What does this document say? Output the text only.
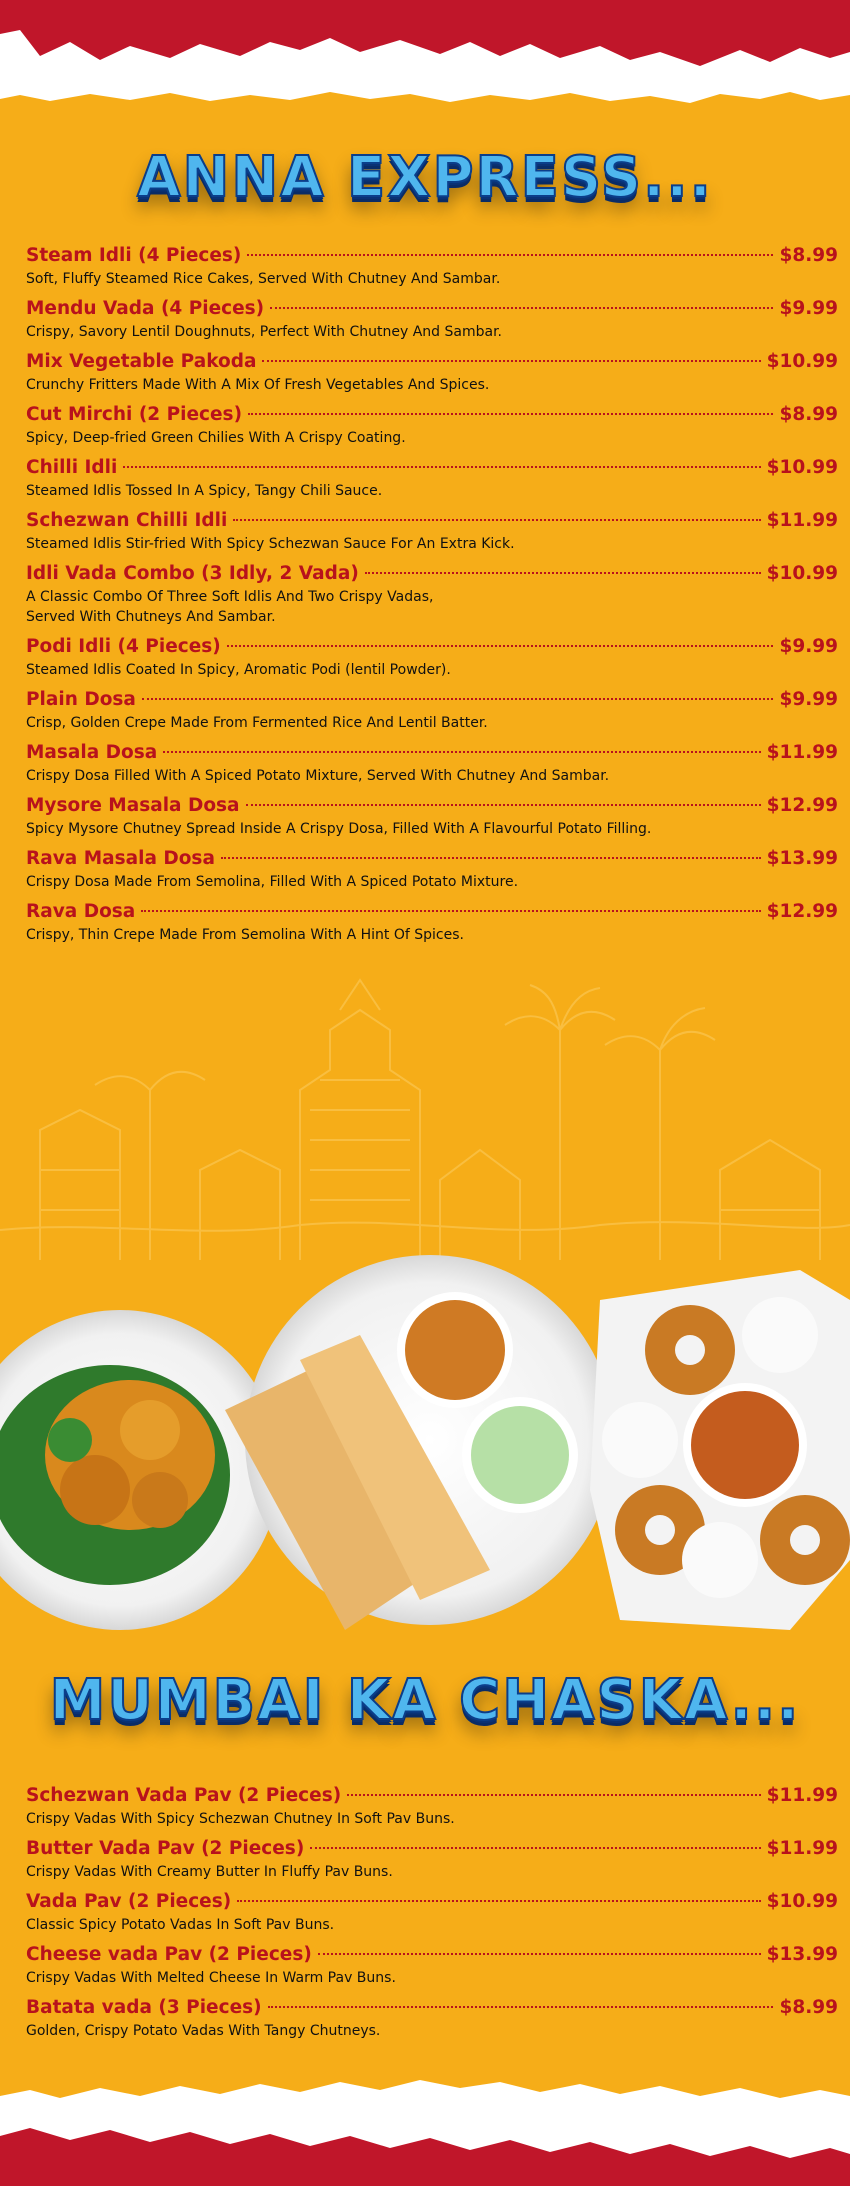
ANNA EXPRESS...
Steam Idli (4 Pieces)	$8.99
Soft, Fluffy Steamed Rice Cakes, Served With Chutney And Sambar.
Mendu Vada (4 Pieces)	$9.99
Crispy, Savory Lentil Doughnuts, Perfect With Chutney And Sambar.
Mix Vegetable Pakoda	$10.99
Crunchy Fritters Made With A Mix Of Fresh Vegetables And Spices.
Cut Mirchi (2 Pieces)	$8.99
Spicy, Deep-fried Green Chilies With A Crispy Coating.
Chilli Idli	$10.99
Steamed Idlis Tossed In A Spicy, Tangy Chili Sauce.
Schezwan Chilli Idli	$11.99
Steamed Idlis Stir-fried With Spicy Schezwan Sauce For An Extra Kick.
Idli Vada Combo (3 Idly, 2 Vada)	$10.99
A Classic Combo Of Three Soft Idlis And Two Crispy Vadas,
Served With Chutneys And Sambar.
Podi Idli (4 Pieces)	$9.99
Steamed Idlis Coated In Spicy, Aromatic Podi (lentil Powder).
Plain Dosa	$9.99
Crisp, Golden Crepe Made From Fermented Rice And Lentil Batter.
Masala Dosa	$11.99
Crispy Dosa Filled With A Spiced Potato Mixture, Served With Chutney And Sambar.
Mysore Masala Dosa	$12.99
Spicy Mysore Chutney Spread Inside A Crispy Dosa, Filled With A Flavourful Potato Filling.
Rava Masala Dosa	$13.99
Crispy Dosa Made From Semolina, Filled With A Spiced Potato Mixture.
Rava Dosa	$12.99
Crispy, Thin Crepe Made From Semolina With A Hint Of Spices.
MUMBAI KA CHASKA...
Schezwan Vada Pav (2 Pieces)	$11.99
Crispy Vadas With Spicy Schezwan Chutney In Soft Pav Buns.
Butter Vada Pav (2 Pieces)	$11.99
Crispy Vadas With Creamy Butter In Fluffy Pav Buns.
Vada Pav (2 Pieces)	$10.99
Classic Spicy Potato Vadas In Soft Pav Buns.
Cheese vada Pav (2 Pieces)	$13.99
Crispy Vadas With Melted Cheese In Warm Pav Buns.
Batata vada (3 Pieces)	$8.99
Golden, Crispy Potato Vadas With Tangy Chutneys.
